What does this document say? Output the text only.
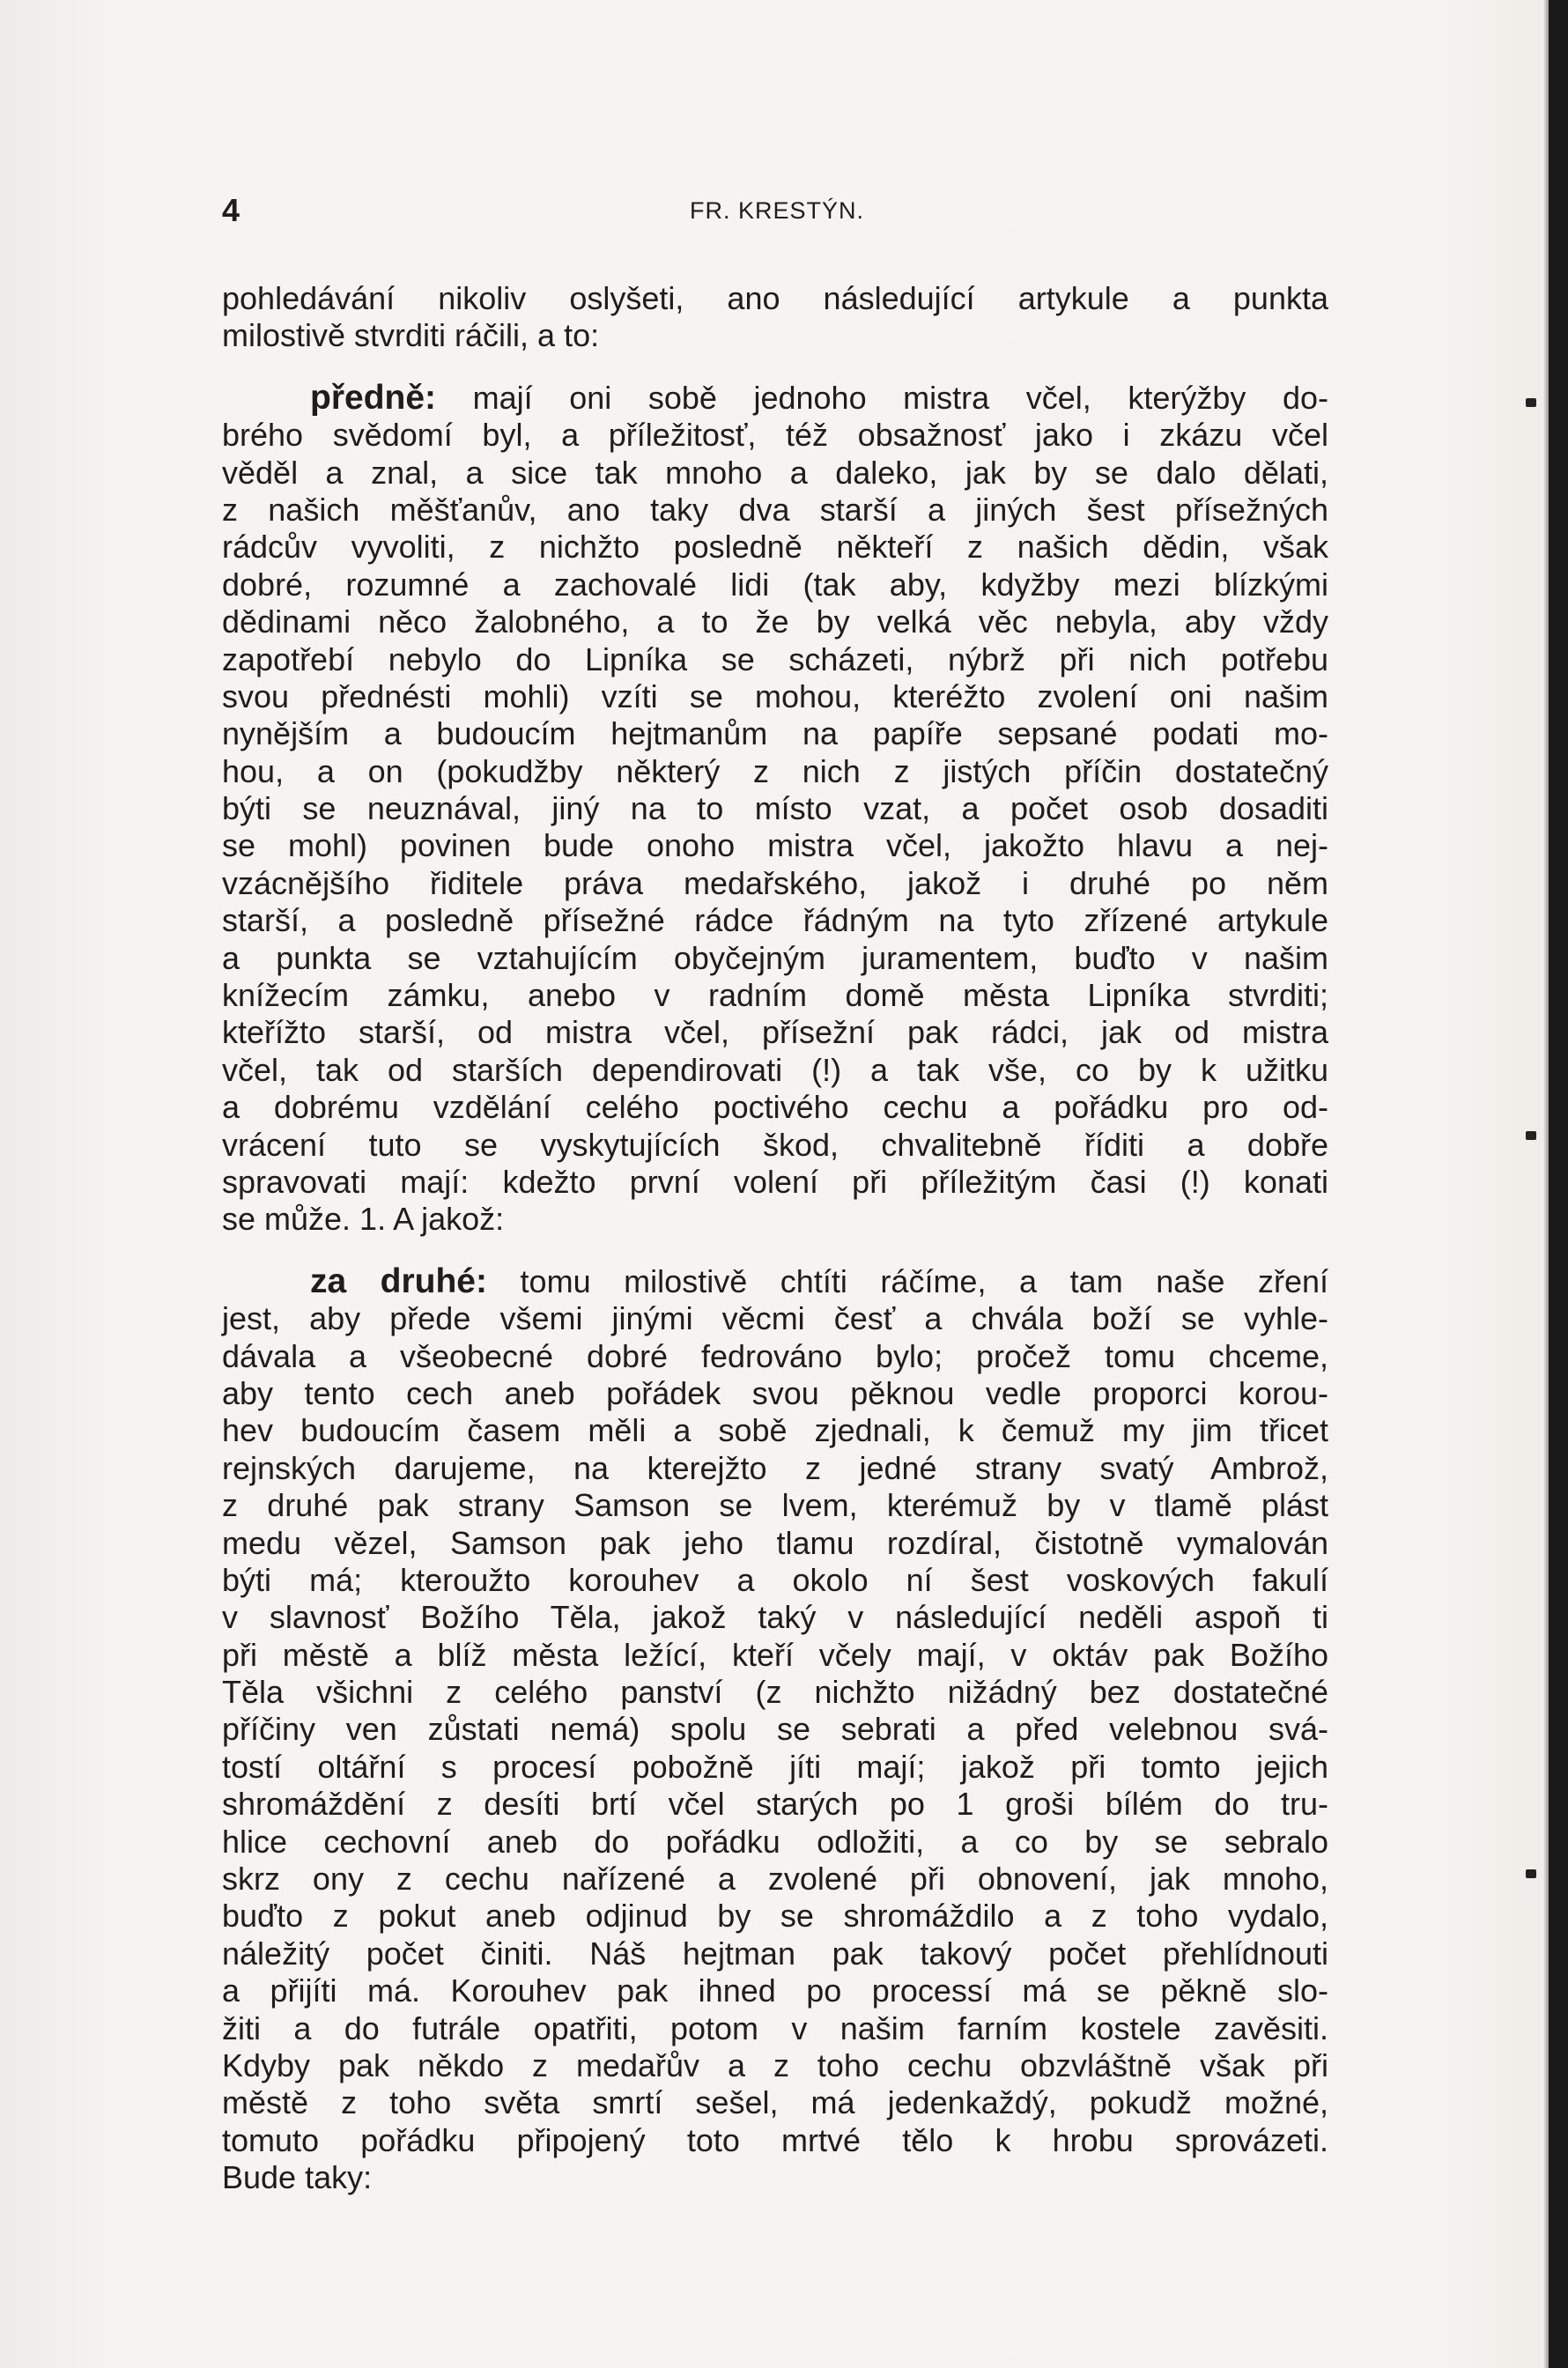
4	FR. KRESTÝN.
pohledávání nikoliv oslyšeti, ano následující artykule a punkta
milostivě stvrditi ráčili, a to:
předně: mají oni sobě jednoho mistra včel, kterýžby do-
brého svědomí byl, a příležitosť, též obsažnosť jako i zkázu včel
věděl a znal, a sice tak mnoho a daleko, jak by se dalo dělati,
z našich měšťanův, ano taky dva starší a jiných šest přísežných
rádcův vyvoliti, z nichžto posledně někteří z našich dědin, však
dobré, rozumné a zachovalé lidi (tak aby, kdyžby mezi blízkými
dědinami něco žalobného, a to že by velká věc nebyla, aby vždy
zapotřebí nebylo do Lipníka se scházeti, nýbrž při nich potřebu
svou přednésti mohli) vzíti se mohou, kteréžto zvolení oni našim
nynějším a budoucím hejtmanům na papíře sepsané podati mo-
hou, a on (pokudžby některý z nich z jistých příčin dostatečný
býti se neuznával, jiný na to místo vzat, a počet osob dosaditi
se mohl) povinen bude onoho mistra včel, jakožto hlavu a nej-
vzácnějšího řiditele práva medařského, jakož i druhé po něm
starší, a posledně přísežné rádce řádným na tyto zřízené artykule
a punkta se vztahujícím obyčejným juramentem, buďto v našim
knížecím zámku, anebo v radním domě města Lipníka stvrditi;
kteřížto starší, od mistra včel, přísežní pak rádci, jak od mistra
včel, tak od starších dependirovati (!) a tak vše, co by k užitku
a dobrému vzdělání celého poctivého cechu a pořádku pro od-
vrácení tuto se vyskytujících škod, chvalitebně říditi a dobře
spravovati mají: kdežto první volení při příležitým časi (!) konati
se může. 1. A jakož:
za druhé: tomu milostivě chtíti ráčíme, a tam naše zření
jest, aby přede všemi jinými věcmi česť a chvála boží se vyhle-
dávala a všeobecné dobré fedrováno bylo; pročež tomu chceme,
aby tento cech aneb pořádek svou pěknou vedle proporci korou-
hev budoucím časem měli a sobě zjednali, k čemuž my jim třicet
rejnských darujeme, na kterejžto z jedné strany svatý Ambrož,
z druhé pak strany Samson se lvem, kterémuž by v tlamě plást
medu vězel, Samson pak jeho tlamu rozdíral, čistotně vymalován
býti má; kteroužto korouhev a okolo ní šest voskových fakulí
v slavnosť Božího Těla, jakož taký v následující neděli aspoň ti
při městě a blíž města ležící, kteří včely mají, v oktáv pak Božího
Těla všichni z celého panství (z nichžto nižádný bez dostatečné
příčiny ven zůstati nemá) spolu se sebrati a před velebnou svá-
tostí oltářní s procesí pobožně jíti mají; jakož při tomto jejich
shromáždění z desíti brtí včel starých po 1 groši bílém do tru-
hlice cechovní aneb do pořádku odložiti, a co by se sebralo
skrz ony z cechu nařízené a zvolené při obnovení, jak mnoho,
buďto z pokut aneb odjinud by se shromáždilo a z toho vydalo,
náležitý počet činiti. Náš hejtman pak takový počet přehlídnouti
a přijíti má. Korouhev pak ihned po processí má se pěkně slo-
žiti a do futrále opatřiti, potom v našim farním kostele zavěsiti.
Kdyby pak někdo z medařův a z toho cechu obzvláštně však při
městě z toho světa smrtí sešel, má jedenkaždý, pokudž možné,
tomuto pořádku připojený toto mrtvé tělo k hrobu sprovázeti.
Bude taky:
